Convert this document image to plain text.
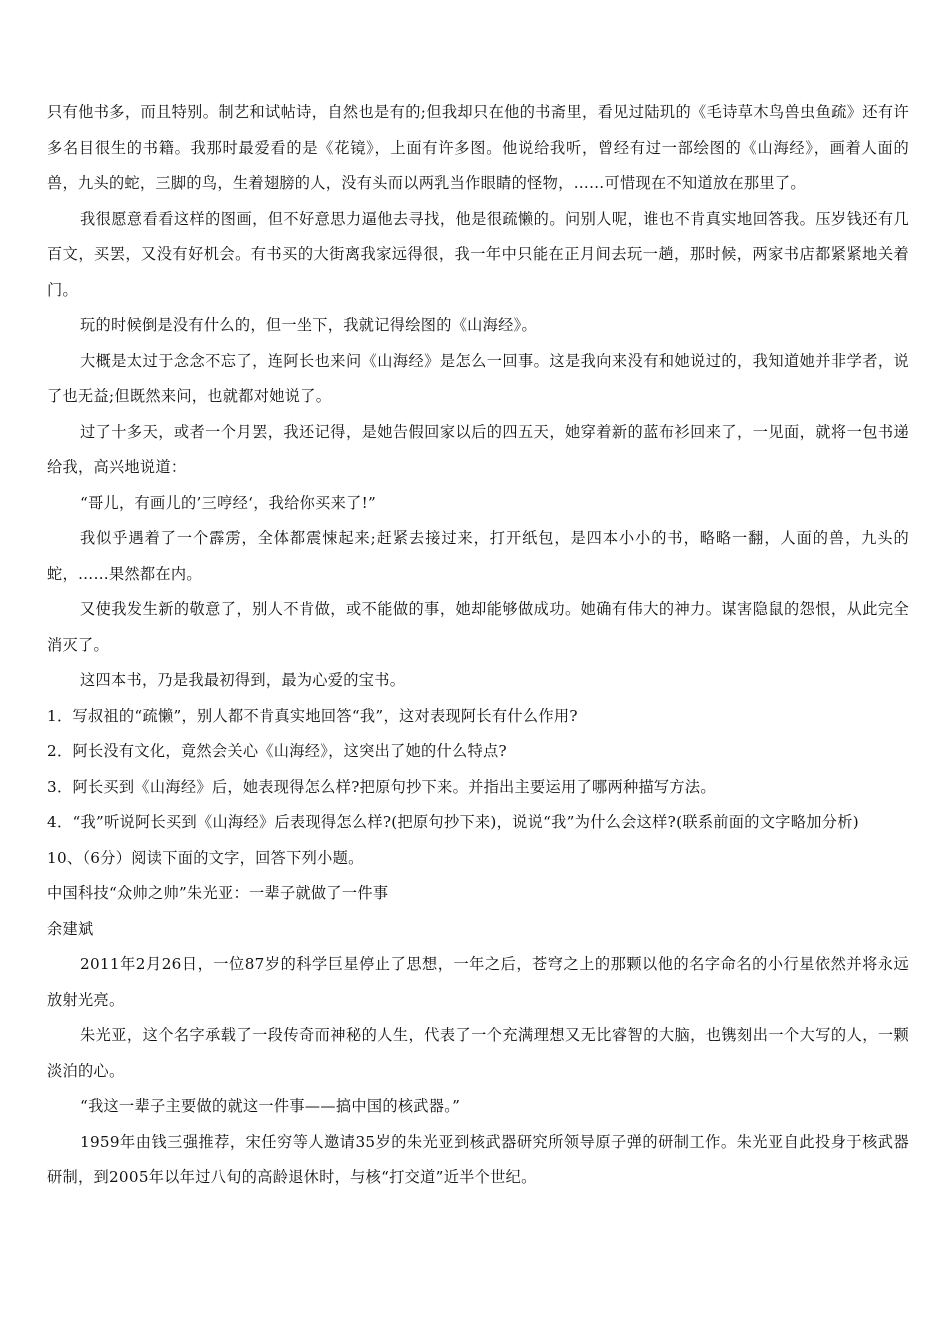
只有他书多，而且特别。制艺和试帖诗，自然也是有的;但我却只在他的书斋里，看见过陆玑的《毛诗草木鸟兽虫鱼疏》还有许多名目很生的书籍。我那时最爱看的是《花镜》，上面有许多图。他说给我听，曾经有过一部绘图的《山海经》，画着人面的兽，九头的蛇，三脚的鸟，生着翅膀的人，没有头而以两乳当作眼睛的怪物，……可惜现在不知道放在那里了。

我很愿意看看这样的图画，但不好意思力逼他去寻找，他是很疏懒的。问别人呢，谁也不肯真实地回答我。压岁钱还有几百文，买罢，又没有好机会。有书买的大街离我家远得很，我一年中只能在正月间去玩一趟，那时候，两家书店都紧紧地关着门。

玩的时候倒是没有什么的，但一坐下，我就记得绘图的《山海经》。

大概是太过于念念不忘了，连阿长也来问《山海经》是怎么一回事。这是我向来没有和她说过的，我知道她并非学者，说了也无益;但既然来问，也就都对她说了。

过了十多天，或者一个月罢，我还记得，是她告假回家以后的四五天，她穿着新的蓝布衫回来了，一见面，就将一包书递给我，高兴地说道：

“哥儿，有画儿的’三哼经‘，我给你买来了!”

我似乎遇着了一个霹雳，全体都震悚起来;赶紧去接过来，打开纸包，是四本小小的书，略略一翻，人面的兽，九头的蛇，……果然都在内。

又使我发生新的敬意了，别人不肯做，或不能做的事，她却能够做成功。她确有伟大的神力。谋害隐鼠的怨恨，从此完全消灭了。

这四本书，乃是我最初得到，最为心爱的宝书。

1．写叔祖的“疏懒”，别人都不肯真实地回答“我”，这对表现阿长有什么作用?

2．阿长没有文化，竟然会关心《山海经》，这突出了她的什么特点?

3．阿长买到《山海经》后，她表现得怎么样?把原句抄下来。并指出主要运用了哪两种描写方法。

4．“我”听说阿长买到《山海经》后表现得怎么样?(把原句抄下来)，说说“我”为什么会这样?(联系前面的文字略加分析)

10、（6分）阅读下面的文字，回答下列小题。

中国科技“众帅之帅”朱光亚：一辈子就做了一件事

余建斌

2011年2月26日，一位87岁的科学巨星停止了思想，一年之后，苍穹之上的那颗以他的名字命名的小行星依然并将永远放射光亮。

朱光亚，这个名字承载了一段传奇而神秘的人生，代表了一个充满理想又无比睿智的大脑，也镌刻出一个大写的人，一颗淡泊的心。

“我这一辈子主要做的就这一件事——搞中国的核武器。”

1959年由钱三强推荐，宋任穷等人邀请35岁的朱光亚到核武器研究所领导原子弹的研制工作。朱光亚自此投身于核武器研制，到2005年以年过八旬的高龄退休时，与核“打交道”近半个世纪。
